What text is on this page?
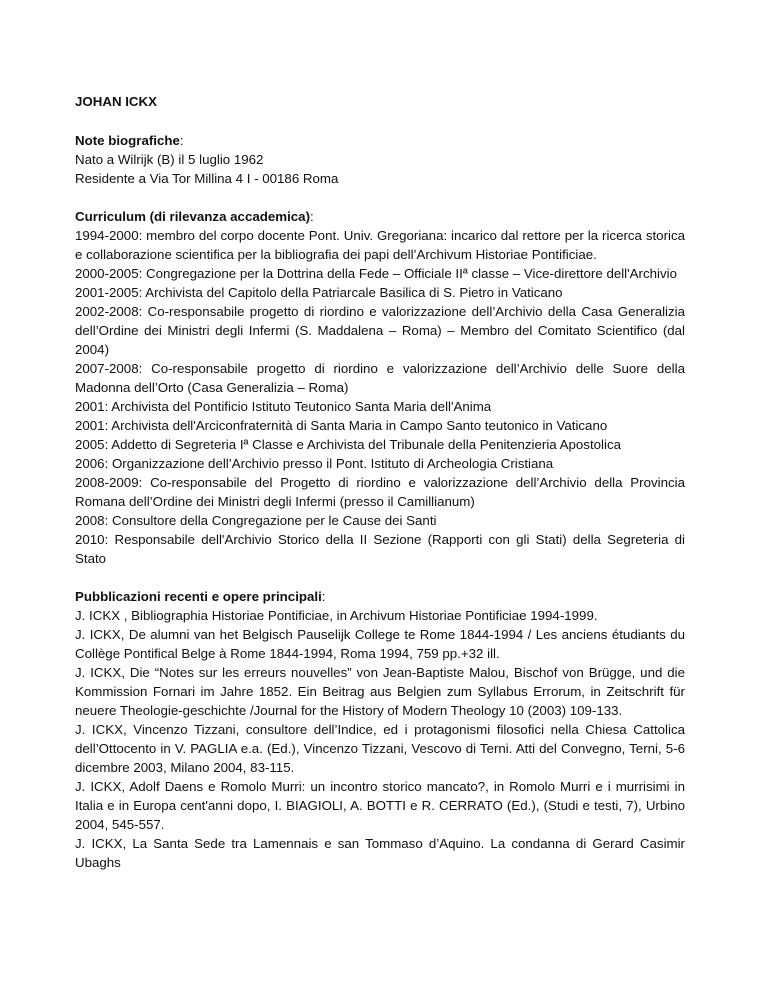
JOHAN ICKX

Note biografiche:

Nato a Wilrijk (B) il 5 luglio 1962

Residente a Via Tor Millina 4 I - 00186 Roma

Curriculum (di rilevanza accademica):

1994-2000: membro del corpo docente Pont. Univ. Gregoriana: incarico dal rettore per la ricerca storica e collaborazione scientifica per la bibliografia dei papi dell’Archivum Historiae Pontificiae.

2000-2005: Congregazione per la Dottrina della Fede – Officiale IIª classe – Vice-direttore dell'Archivio

2001-2005: Archivista del Capitolo della Patriarcale Basilica di S. Pietro in Vaticano

2002-2008: Co-responsabile progetto di riordino e valorizzazione dell’Archivio della Casa Generalizia dell’Ordine dei Ministri degli Infermi (S. Maddalena – Roma) – Membro del Comitato Scientifico (dal 2004)

2007-2008: Co-responsabile progetto di riordino e valorizzazione dell’Archivio delle Suore della Madonna dell’Orto (Casa Generalizia – Roma)

2001: Archivista del Pontificio Istituto Teutonico Santa Maria dell'Anima

2001: Archivista dell'Arciconfraternità di Santa Maria in Campo Santo teutonico in Vaticano

2005: Addetto di Segreteria Iª Classe e Archivista del Tribunale della Penitenzieria Apostolica

2006: Organizzazione dell’Archivio presso il Pont. Istituto di Archeologia Cristiana

2008-2009: Co-responsabile del Progetto di riordino e valorizzazione dell’Archivio della Provincia Romana dell’Ordine dei Ministri degli Infermi (presso il Camillianum)

2008: Consultore della Congregazione per le Cause dei Santi

2010: Responsabile dell'Archivio Storico della II Sezione (Rapporti con gli Stati) della Segreteria di Stato

Pubblicazioni recenti e opere principali:

J. ICKX , Bibliographia Historiae Pontificiae, in Archivum Historiae Pontificiae 1994-1999.

J. ICKX, De alumni van het Belgisch Pauselijk College te Rome 1844-1994 / Les anciens étudiants du Collège Pontifical Belge à Rome 1844-1994, Roma 1994, 759 pp.+32 ill.

J. ICKX, Die “Notes sur les erreurs nouvelles” von Jean-Baptiste Malou, Bischof von Brügge, und die Kommission Fornari im Jahre 1852. Ein Beitrag aus Belgien zum Syllabus Errorum, in Zeitschrift für neuere Theologie-geschichte /Journal for the History of Modern Theology 10 (2003) 109-133.

J. ICKX, Vincenzo Tizzani, consultore dell’Indice, ed i protagonismi filosofici nella Chiesa Cattolica dell’Ottocento in V. PAGLIA e.a. (Ed.), Vincenzo Tizzani, Vescovo di Terni. Atti del Convegno, Terni, 5-6 dicembre 2003, Milano 2004, 83-115.

J. ICKX, Adolf Daens e Romolo Murri: un incontro storico mancato?, in Romolo Murri e i murrisimi in Italia e in Europa cent'anni dopo, I. BIAGIOLI, A. BOTTI e R. CERRATO (Ed.), (Studi e testi, 7), Urbino 2004, 545-557.

J. ICKX, La Santa Sede tra Lamennais e san Tommaso d’Aquino. La condanna di Gerard Casimir Ubaghs
